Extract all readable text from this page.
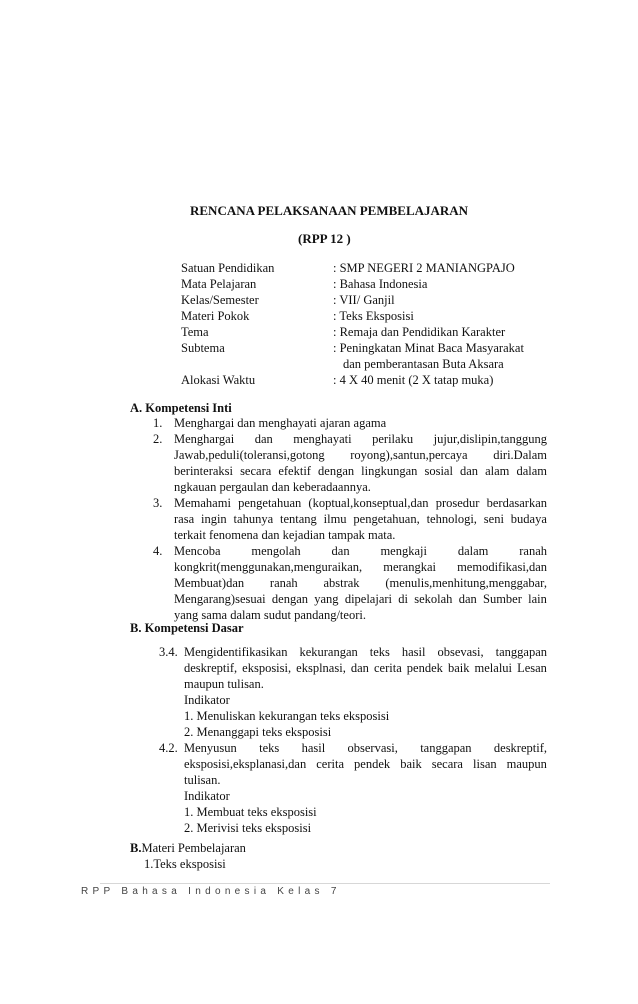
RENCANA PELAKSANAAN PEMBELAJARAN
(RPP 12 )
Satuan Pendidikan	: SMP NEGERI 2 MANIANGPAJO
Mata Pelajaran	: Bahasa Indonesia
Kelas/Semester	: VII/ Ganjil
Materi Pokok	: Teks Eksposisi
Tema	: Remaja dan Pendidikan Karakter
Subtema	: Peningkatan Minat Baca Masyarakat
dan pemberantasan Buta Aksara
Alokasi Waktu	: 4 X 40 menit (2 X tatap muka)
A. Kompetensi Inti
1. Menghargai dan menghayati ajaran agama
2. Menghargai dan menghayati perilaku jujur,dislipin,tanggung
Jawab,peduli(toleransi,gotong royong),santun,percaya diri.Dalam
berinteraksi secara efektif dengan lingkungan sosial dan alam dalam
ngkauan pergaulan dan keberadaannya.
3. Memahami pengetahuan (koptual,konseptual,dan prosedur berdasarkan
rasa ingin tahunya tentang ilmu pengetahuan, tehnologi, seni budaya
terkait fenomena dan kejadian tampak mata.
4. Mencoba mengolah dan mengkaji dalam ranah
kongkrit(menggunakan,menguraikan, merangkai memodifikasi,dan
Membuat)dan ranah abstrak (menulis,menhitung,menggabar,
Mengarang)sesuai dengan yang dipelajari di sekolah dan Sumber lain
yang sama dalam sudut pandang/teori.
B. Kompetensi Dasar
3.4. Mengidentifikasikan kekurangan teks hasil obsevasi, tanggapan
deskreptif, eksposisi, eksplnasi, dan cerita pendek baik melalui Lesan
maupun tulisan.
Indikator
1. Menuliskan kekurangan teks eksposisi
2. Menanggapi teks eksposisi
4.2. Menyusun teks hasil observasi, tanggapan deskreptif,
eksposisi,eksplanasi,dan cerita pendek baik secara lisan maupun
tulisan.
Indikator
1. Membuat teks eksposisi
2. Merivisi teks eksposisi
B.Materi Pembelajaran
1.Teks eksposisi
RPP Bahasa Indonesia Kelas 7
